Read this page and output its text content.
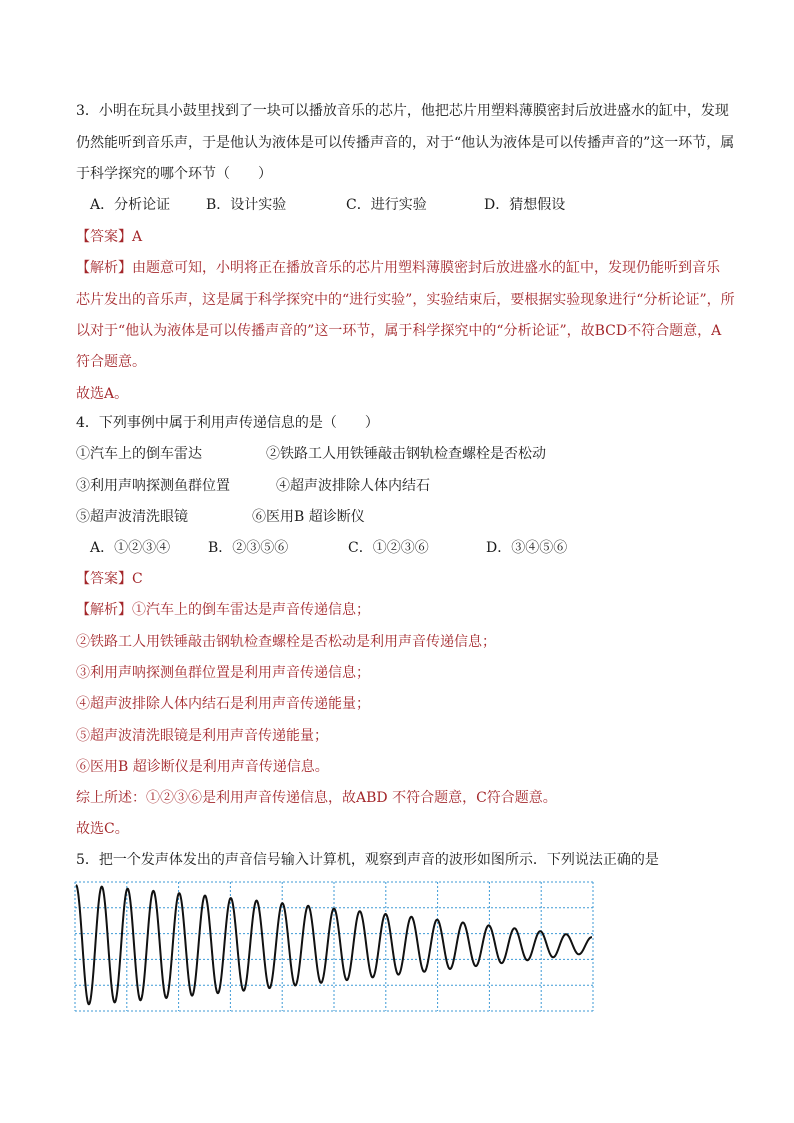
3．小明在玩具小鼓里找到了一块可以播放音乐的芯片，他把芯片用塑料薄膜密封后放进盛水的缸中，发现
仍然能听到音乐声，于是他认为液体是可以传播声音的，对于“他认为液体是可以传播声音的”这一环节，属
于科学探究的哪个环节（　　）
A．分析论证	B．设计实验	C．进行实验	D．猜想假设
【答案】A
【解析】由题意可知，小明将正在播放音乐的芯片用塑料薄膜密封后放进盛水的缸中，发现仍能听到音乐
芯片发出的音乐声，这是属于科学探究中的“进行实验”，实验结束后，要根据实验现象进行“分析论证”，所
以对于“他认为液体是可以传播声音的”这一环节，属于科学探究中的“分析论证”，故BCD不符合题意，A
符合题意。
故选A。
4．下列事例中属于利用声传递信息的是（　　）
①汽车上的倒车雷达	②铁路工人用铁锤敲击钢轨检查螺栓是否松动
③利用声呐探测鱼群位置	④超声波排除人体内结石
⑤超声波清洗眼镜	⑥医用B 超诊断仪
A．①②③④	B．②③⑤⑥	C．①②③⑥	D．③④⑤⑥
【答案】C
【解析】①汽车上的倒车雷达是声音传递信息；
②铁路工人用铁锤敲击钢轨检查螺栓是否松动是利用声音传递信息；
③利用声呐探测鱼群位置是利用声音传递信息；
④超声波排除人体内结石是利用声音传递能量；
⑤超声波清洗眼镜是利用声音传递能量；
⑥医用B 超诊断仪是利用声音传递信息。
综上所述：①②③⑥是利用声音传递信息，故ABD 不符合题意，C符合题意。
故选C。
5．把一个发声体发出的声音信号输入计算机，观察到声音的波形如图所示．下列说法正确的是
